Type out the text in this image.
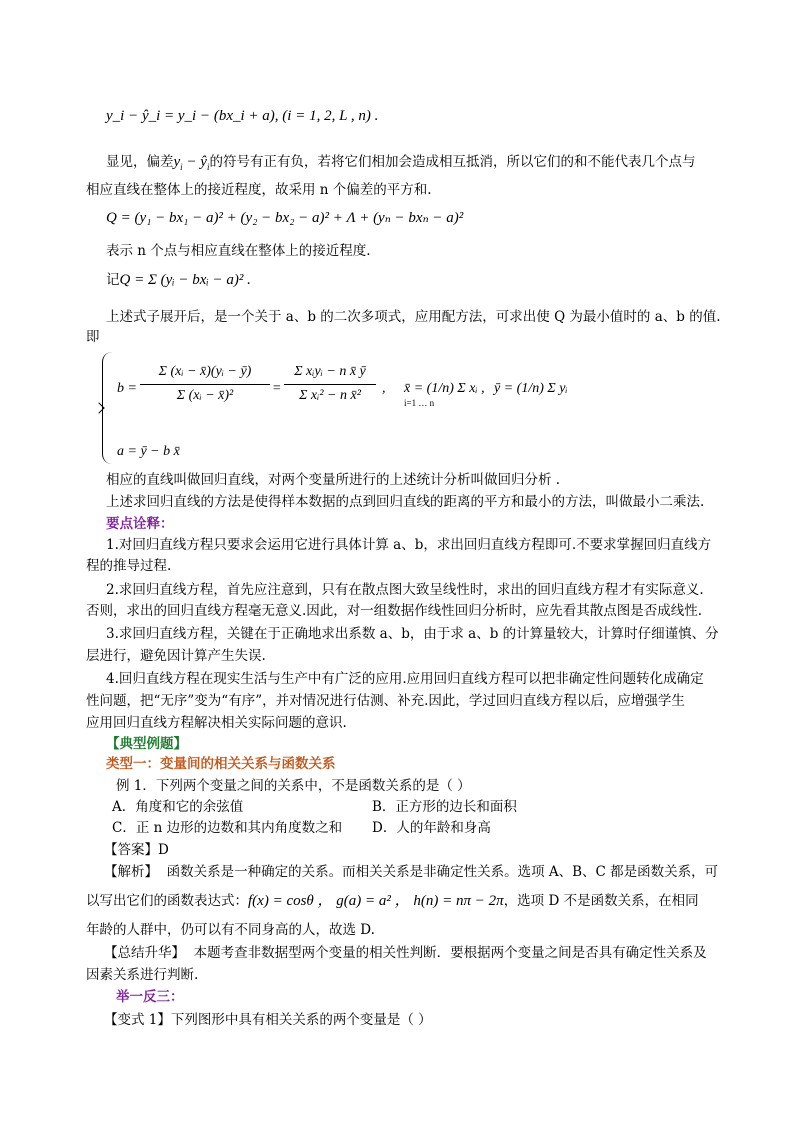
y_i − ŷ_i = y_i − (bx_i + a), (i = 1, 2, L , n) .
显见，偏差$y_i$ − $ŷ_i$的符号有正有负，若将它们相加会造成相互抵消，所以它们的和不能代表几个点与
相应直线在整体上的接近程度，故采用 n 个偏差的平方和.
Q = (y₁ − bx₁ − a)² + (y₂ − bx₂ − a)² + Λ + (yₙ − bxₙ − a)²
表示 n 个点与相应直线在整体上的接近程度.
记Q = Σ (yᵢ − bxᵢ − a)² .
上述式子展开后，是一个关于 a、b 的二次多项式，应用配方法，可求出使 Q 为最小值时的 a、b 的值.
即
b =
Σ (xᵢ − x̄)(yᵢ − ȳ)
Σ (xᵢ − x̄)²	=
Σ xᵢyᵢ − n x̄ ȳ
Σ xᵢ² − n x̄²	,
i=1 … n
x̄ = (1/n) Σ xᵢ , ȳ = (1/n) Σ yᵢ
a = ȳ − b x̄
相应的直线叫做回归直线，对两个变量所进行的上述统计分析叫做回归分析 .
上述求回归直线的方法是使得样本数据的点到回归直线的距离的平方和最小的方法，叫做最小二乘法.
要点诠释：
1.对回归直线方程只要求会运用它进行具体计算 a、b，求出回归直线方程即可.不要求掌握回归直线方
程的推导过程.
2.求回归直线方程，首先应注意到，只有在散点图大致呈线性时，求出的回归直线方程才有实际意义.
否则，求出的回归直线方程毫无意义.因此，对一组数据作线性回归分析时，应先看其散点图是否成线性.
3.求回归直线方程，关键在于正确地求出系数 a、b，由于求 a、b 的计算量较大，计算时仔细谨慎、分
层进行，避免因计算产生失误.
4.回归直线方程在现实生活与生产中有广泛的应用.应用回归直线方程可以把非确定性问题转化成确定
性问题，把“无序”变为“有序”，并对情况进行估测、补充.因此，学过回归直线方程以后，应增强学生
应用回归直线方程解决相关实际问题的意识.
【典型例题】
类型一：变量间的相关关系与函数关系
例 1．下列两个变量之间的关系中，不是函数关系的是（ ）
A．角度和它的余弦值	B．正方形的边长和面积
C．正 n 边形的边数和其内角度数之和 D．人的年龄和身高
【答案】D
【解析】 函数关系是一种确定的关系。而相关关系是非确定性关系。选项 A、B、C 都是函数关系，可
以写出它们的函数表达式：f(x) = cosθ ， g(a) = a² ， h(n) = nπ − 2π，选项 D 不是函数关系，在相同
年龄的人群中，仍可以有不同身高的人，故选 D.
【总结升华】 本题考查非数据型两个变量的相关性判断．要根据两个变量之间是否具有确定性关系及
因素关系进行判断.
举一反三：
【变式 1】下列图形中具有相关关系的两个变量是（ ）
